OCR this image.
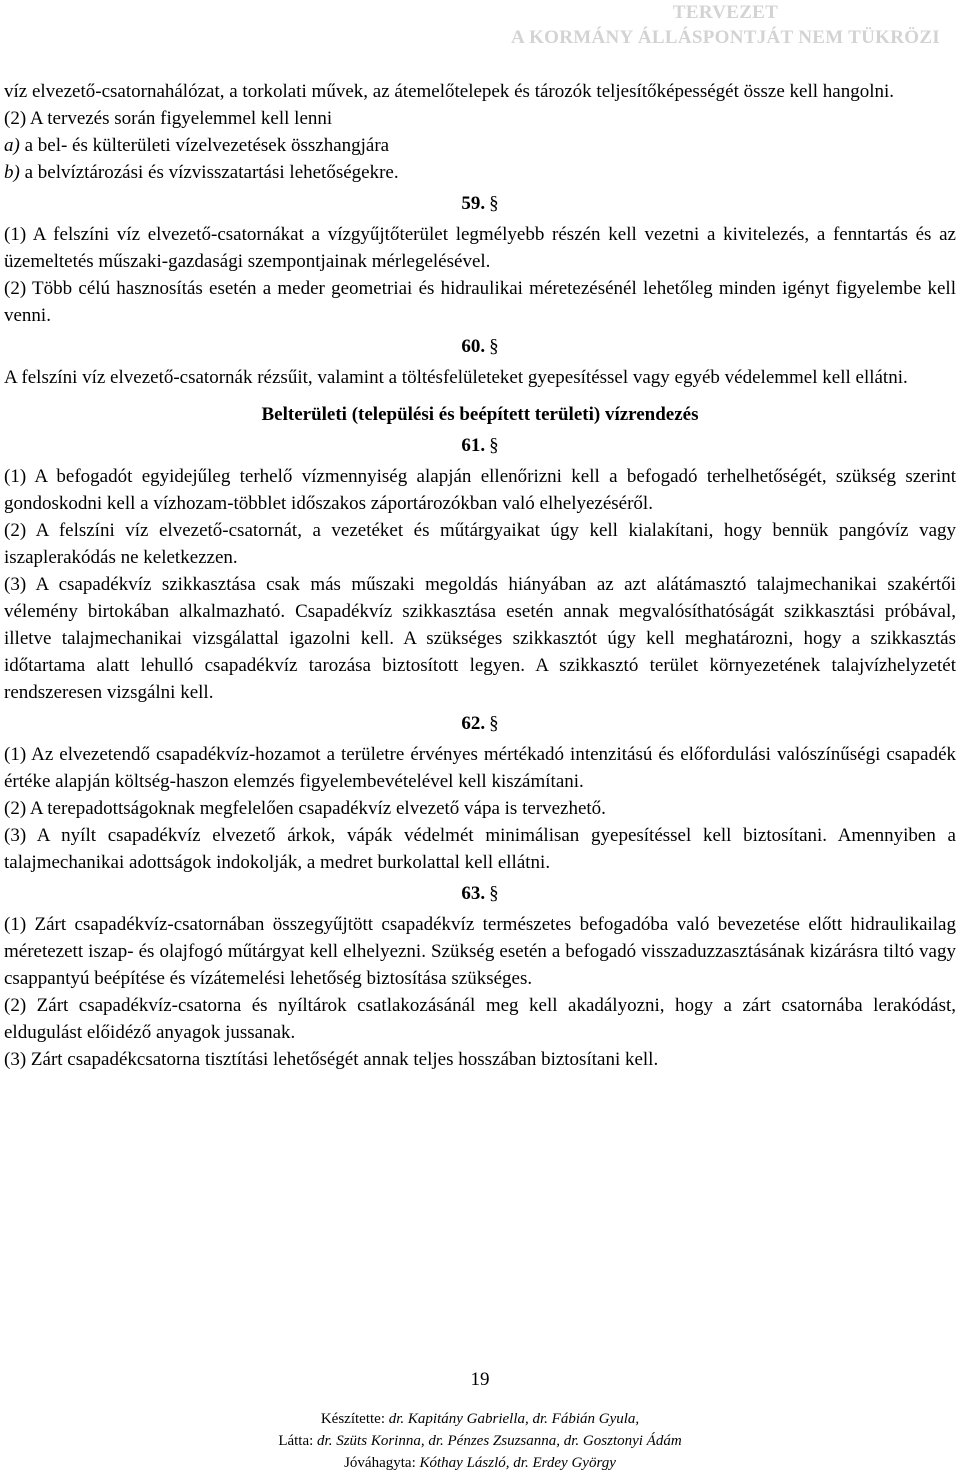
TERVEZET
A KORMÁNY ÁLLÁSPONTJÁT NEM TÜKRÖZI

víz elvezető-csatornahálózat, a torkolati művek, az átemelőtelepek és tározók teljesítőképességét össze kell hangolni.

(2) A tervezés során figyelemmel kell lenni

a) a bel- és külterületi vízelvezetések összhangjára

b) a belvíztározási és vízvisszatartási lehetőségekre.

59. §

(1) A felszíni víz elvezető-csatornákat a vízgyűjtőterület legmélyebb részén kell vezetni a kivitelezés, a fenntartás és az üzemeltetés műszaki-gazdasági szempontjainak mérlegelésével.

(2) Több célú hasznosítás esetén a meder geometriai és hidraulikai méretezésénél lehetőleg minden igényt figyelembe kell venni.

60. §

A felszíni víz elvezető-csatornák rézsűit, valamint a töltésfelületeket gyepesítéssel vagy egyéb védelemmel kell ellátni.

Belterületi (települési és beépített területi) vízrendezés
61. §

(1) A befogadót egyidejűleg terhelő vízmennyiség alapján ellenőrizni kell a befogadó terhelhetőségét, szükség szerint gondoskodni kell a vízhozam-többlet időszakos záportározókban való elhelyezéséről.

(2) A felszíni víz elvezető-csatornát, a vezetéket és műtárgyaikat úgy kell kialakítani, hogy bennük pangóvíz vagy iszaplerakódás ne keletkezzen.

(3) A csapadékvíz szikkasztása csak más műszaki megoldás hiányában az azt alátámasztó talajmechanikai szakértői vélemény birtokában alkalmazható. Csapadékvíz szikkasztása esetén annak megvalósíthatóságát szikkasztási próbával, illetve talajmechanikai vizsgálattal igazolni kell. A szükséges szikkasztót úgy kell meghatározni, hogy a szikkasztás időtartama alatt lehulló csapadékvíz tarozása biztosított legyen. A szikkasztó terület környezetének talajvízhelyzetét rendszeresen vizsgálni kell.

62. §

(1) Az elvezetendő csapadékvíz-hozamot a területre érvényes mértékadó intenzitású és előfordulási valószínűségi csapadék értéke alapján költség-haszon elemzés figyelembevételével kell kiszámítani.

(2) A terepadottságoknak megfelelően csapadékvíz elvezető vápa is tervezhető.

(3) A nyílt csapadékvíz elvezető árkok, vápák védelmét minimálisan gyepesítéssel kell biztosítani. Amennyiben a talajmechanikai adottságok indokolják, a medret burkolattal kell ellátni.

63. §

(1) Zárt csapadékvíz-csatornában összegyűjtött csapadékvíz természetes befogadóba való bevezetése előtt hidraulikailag méretezett iszap- és olajfogó műtárgyat kell elhelyezni. Szükség esetén a befogadó visszaduzzasztásának kizárásra tiltó vagy csappantyú beépítése és vízátemelési lehetőség biztosítása szükséges.

(2) Zárt csapadékvíz-csatorna és nyíltárok csatlakozásánál meg kell akadályozni, hogy a zárt csatornába lerakódást, eldugulást előidéző anyagok jussanak.

(3) Zárt csapadékcsatorna tisztítási lehetőségét annak teljes hosszában biztosítani kell.

19
Készítette: dr. Kapitány Gabriella, dr. Fábián Gyula,
Látta: dr. Szüts Korinna, dr. Pénzes Zsuzsanna, dr. Gosztonyi Ádám
Jóváhagyta: Kóthay László, dr. Erdey György
